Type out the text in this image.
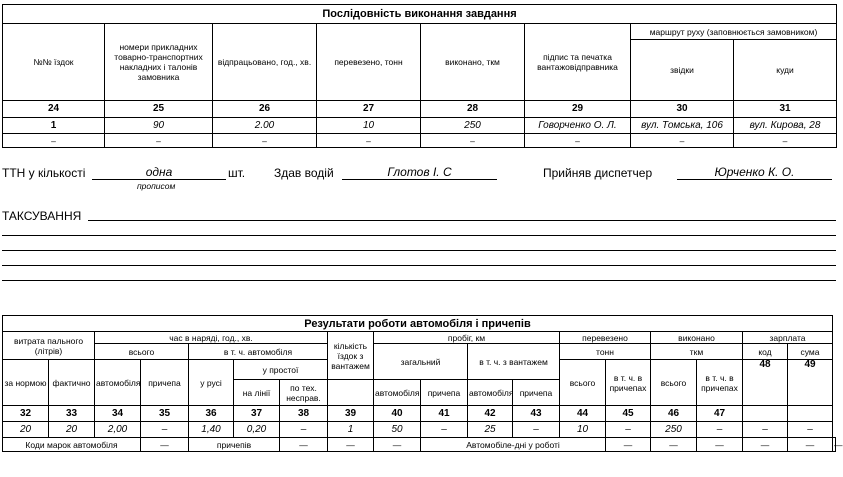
Послідовність виконання завдання							
№№ їздок	номери прикладних товарно-транспортних накладних і талонів замовника	відпрацьовано, год., хв.	перевезено, тонн	виконано, ткм	підпис та печатка вантажовідправника	маршрут руху (заповнюється замовником)	
						звідки	куди
24	25	26	27	28	29	30	31
1	90	2.00	10	250	Говорченко О. Л.	вул. Томська, 106	вул. Кирова, 28
–	–	–	–	–	–	–	–
ТТН у кількості	одна
прописом
шт. Здав водій	Глотов І. С	Прийняв диспетчер	Юрченко К. О.
ТАКСУВАННЯ
Результати роботи автомобіля і причепів																		
витрата пального (літрів)		час в наряді, год., хв.					кількість їздок з вантажем	пробіг, км				перевезено		виконано		зарплата		
		всього		в т. ч. автомобіля				загальний		в т. ч. з вантажем		тонн		ткм		код	сума	
за нормою	фактично	автомобіля	причепа	у русі	у простої							всього	в т. ч. в причепах	всього	в т. ч. в причепах	48	49	
					на лінії	по тех. несправ.		автомобіля	причепа	автомобіля	причепа							

32	33	34	35	36	37	38	39	40	41	42	43	44	45	46	47			
20	20	2,00	–	1,40	0,20	–	1	50	–	25	–	10	–	250	–	–	–	
Коди марок автомобіля			—	причепів		—	—	—	Автомобіле-дні у роботі				—	—	—	—	—	—
